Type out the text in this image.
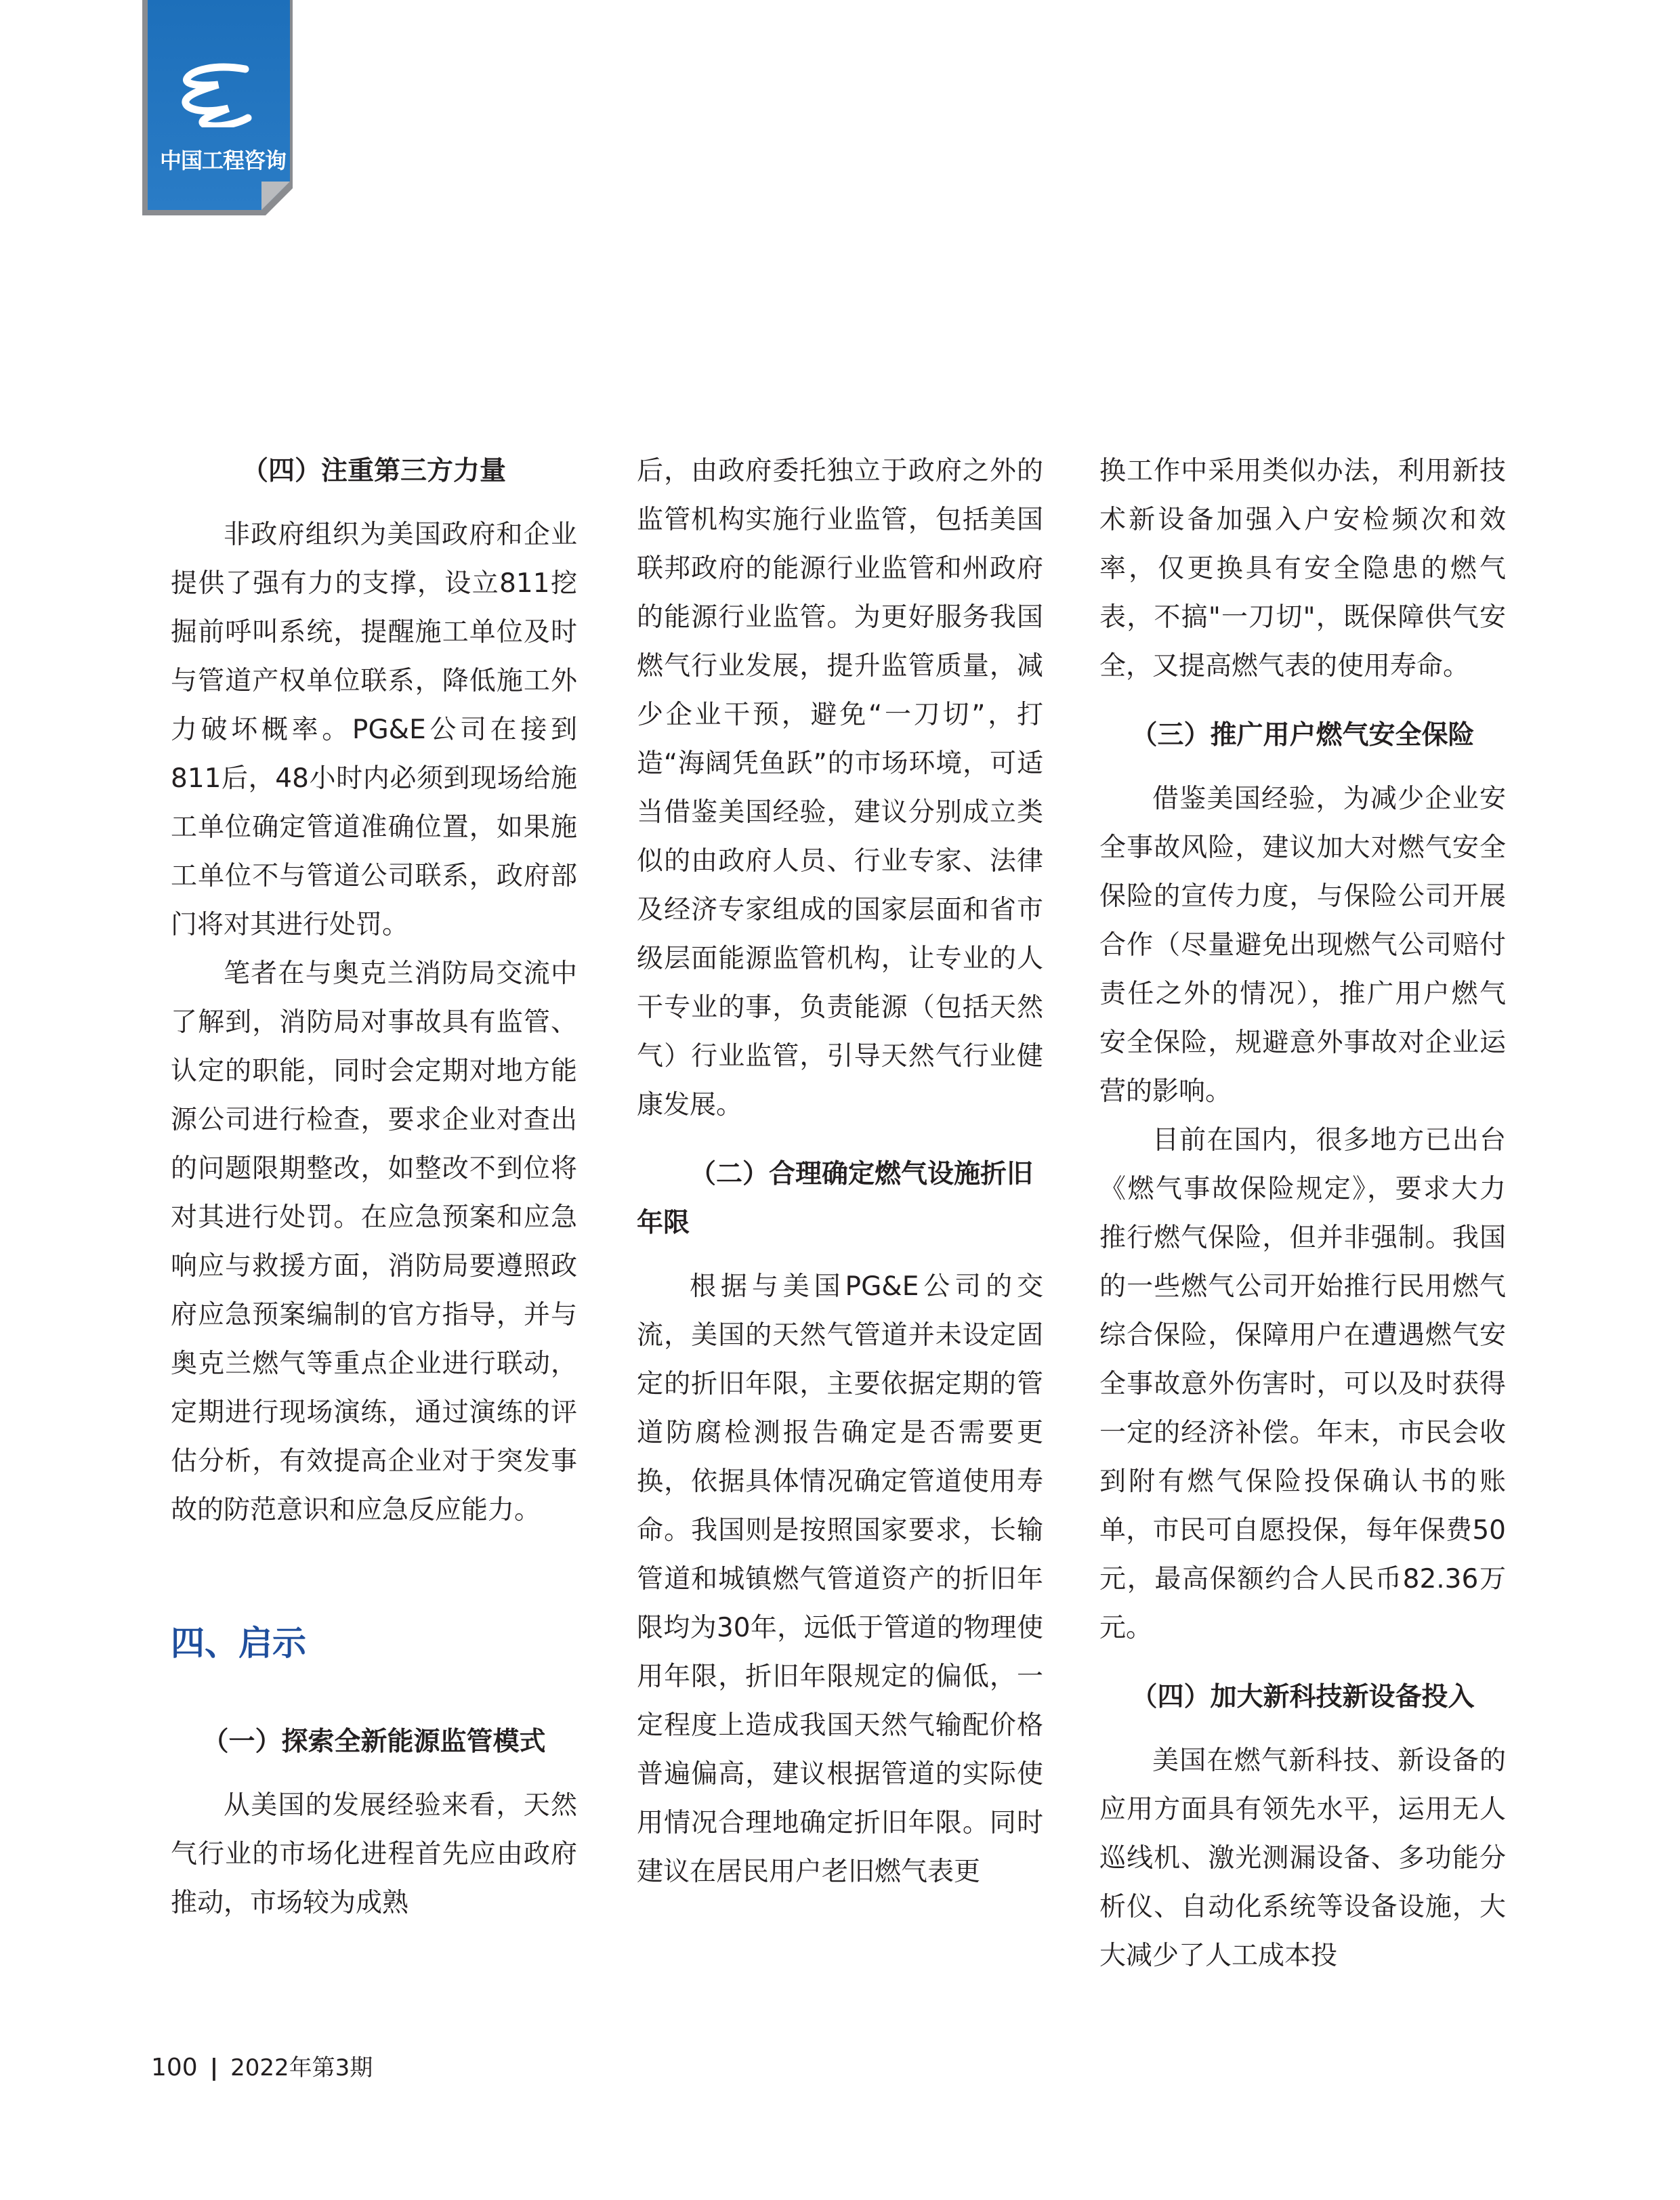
中国工程咨询

（四）注重第三方力量

非政府组织为美国政府和企业提供了强有力的支撑，设立811挖掘前呼叫系统，提醒施工单位及时与管道产权单位联系，降低施工外力破坏概率。PG&E公司在接到811后，48小时内必须到现场给施工单位确定管道准确位置，如果施工单位不与管道公司联系，政府部门将对其进行处罚。

笔者在与奥克兰消防局交流中了解到，消防局对事故具有监管、认定的职能，同时会定期对地方能源公司进行检查，要求企业对查出的问题限期整改，如整改不到位将对其进行处罚。在应急预案和应急响应与救援方面，消防局要遵照政府应急预案编制的官方指导，并与奥克兰燃气等重点企业进行联动，定期进行现场演练，通过演练的评估分析，有效提高企业对于突发事故的防范意识和应急反应能力。

四、启示

（一）探索全新能源监管模式

从美国的发展经验来看，天然气行业的市场化进程首先应由政府推动，市场较为成熟

后，由政府委托独立于政府之外的监管机构实施行业监管，包括美国联邦政府的能源行业监管和州政府的能源行业监管。为更好服务我国燃气行业发展，提升监管质量，减少企业干预，避免“一刀切”，打造“海阔凭鱼跃”的市场环境，可适当借鉴美国经验，建议分别成立类似的由政府人员、行业专家、法律及经济专家组成的国家层面和省市级层面能源监管机构，让专业的人干专业的事，负责能源（包括天然气）行业监管，引导天然气行业健康发展。

（二）合理确定燃气设施折旧年限

根据与美国PG&E公司的交流，美国的天然气管道并未设定固定的折旧年限，主要依据定期的管道防腐检测报告确定是否需要更换，依据具体情况确定管道使用寿命。我国则是按照国家要求，长输管道和城镇燃气管道资产的折旧年限均为30年，远低于管道的物理使用年限，折旧年限规定的偏低，一定程度上造成我国天然气输配价格普遍偏高，建议根据管道的实际使用情况合理地确定折旧年限。同时建议在居民用户老旧燃气表更

换工作中采用类似办法，利用新技术新设备加强入户安检频次和效率，仅更换具有安全隐患的燃气表，不搞"一刀切"，既保障供气安全，又提高燃气表的使用寿命。

（三）推广用户燃气安全保险

借鉴美国经验，为减少企业安全事故风险，建议加大对燃气安全保险的宣传力度，与保险公司开展合作（尽量避免出现燃气公司赔付责任之外的情况），推广用户燃气安全保险，规避意外事故对企业运营的影响。

目前在国内，很多地方已出台《燃气事故保险规定》，要求大力推行燃气保险，但并非强制。我国的一些燃气公司开始推行民用燃气综合保险，保障用户在遭遇燃气安全事故意外伤害时，可以及时获得一定的经济补偿。年末，市民会收到附有燃气保险投保确认书的账单，市民可自愿投保，每年保费50元，最高保额约合人民币82.36万元。

（四）加大新科技新设备投入

美国在燃气新科技、新设备的应用方面具有领先水平，运用无人巡线机、激光测漏设备、多功能分析仪、自动化系统等设备设施，大大减少了人工成本投

100 | 2022年第3期
